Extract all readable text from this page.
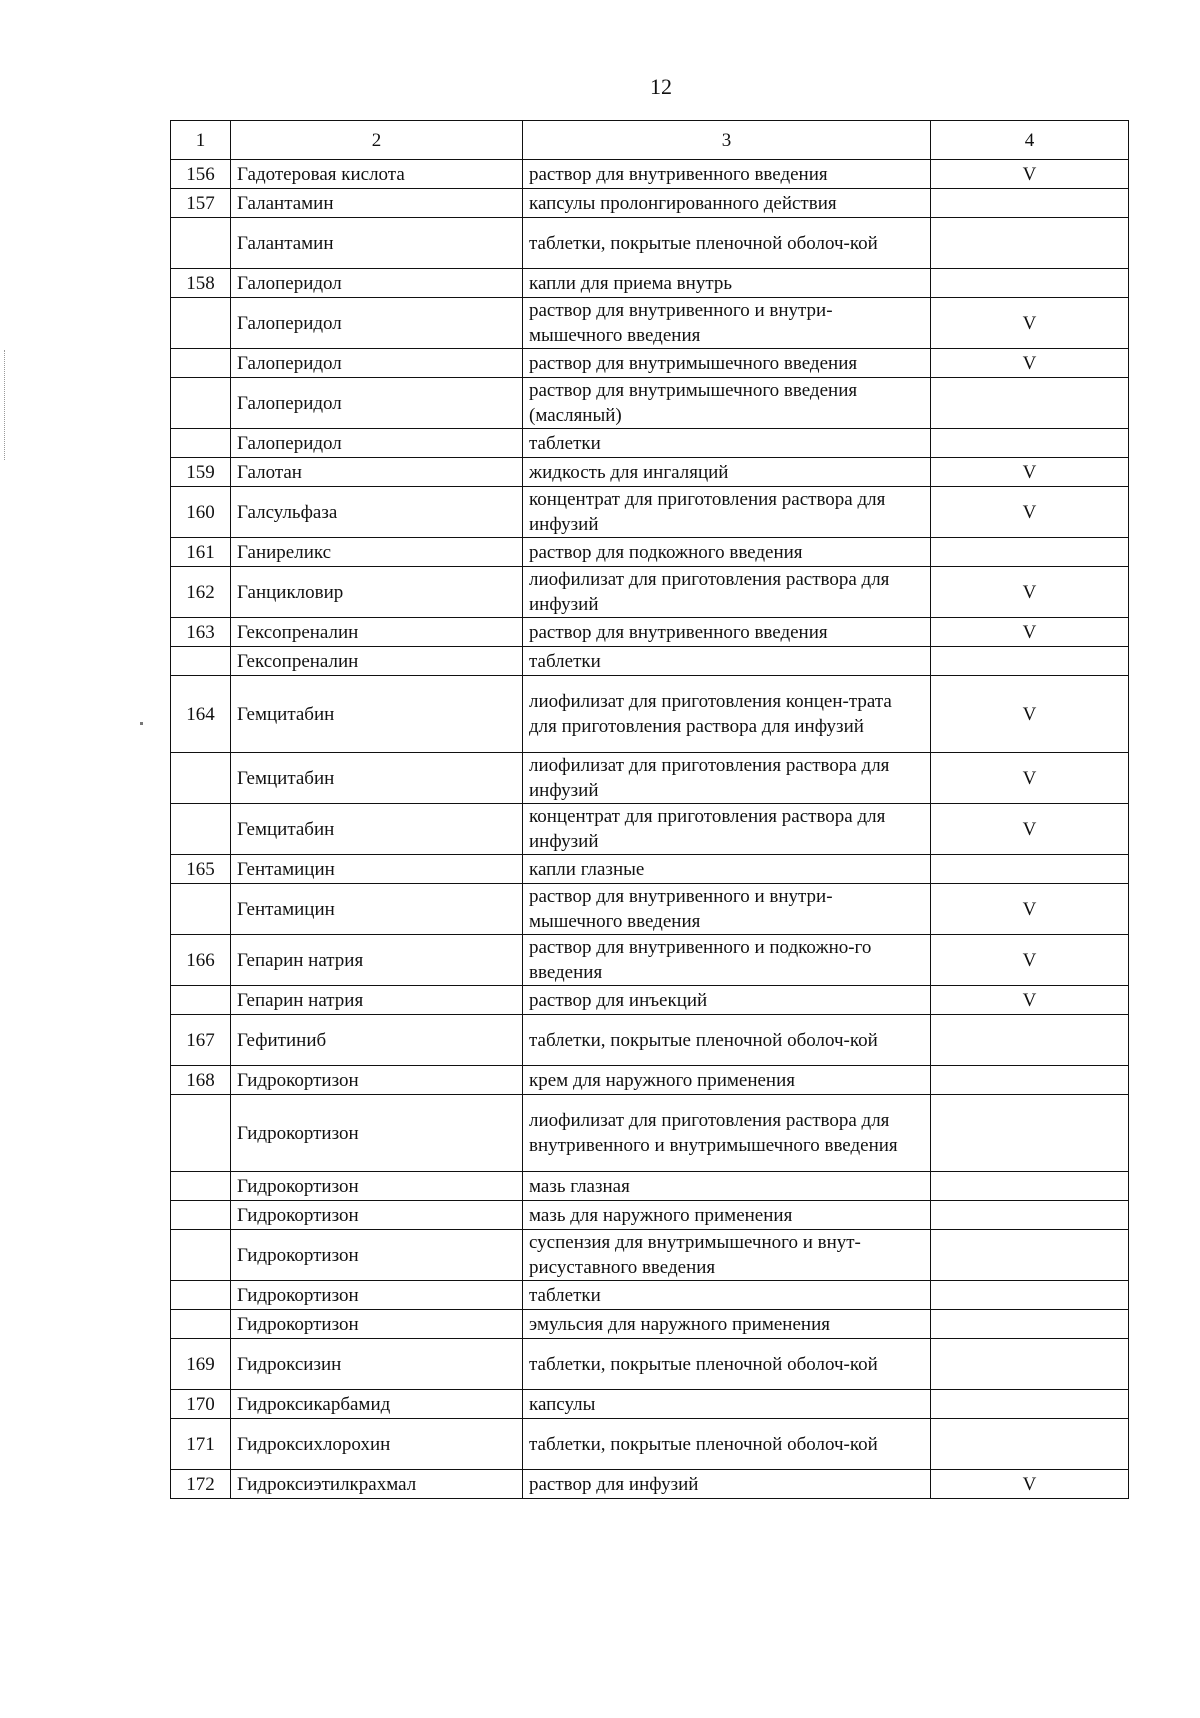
12
1	2	3	4
156	Гадотеровая кислота	раствор для внутривенного введения	V
157	Галантамин	капсулы пролонгированного действия	
	Галантамин	таблетки, покрытые пленочной оболоч-кой	
158	Галоперидол	капли для приема внутрь	
	Галоперидол	раствор для внутривенного и внутри-мышечного введения	V
	Галоперидол	раствор для внутримышечного введения	V
	Галоперидол	раствор для внутримышечного введения (масляный)	
	Галоперидол	таблетки	
159	Галотан	жидкость для ингаляций	V
160	Галсульфаза	концентрат для приготовления раствора для инфузий	V
161	Ганиреликс	раствор для подкожного введения	
162	Ганцикловир	лиофилизат для приготовления раствора для инфузий	V
163	Гексопреналин	раствор для внутривенного введения	V
	Гексопреналин	таблетки	
164	Гемцитабин	лиофилизат для приготовления концен-трата для приготовления раствора для инфузий	V
	Гемцитабин	лиофилизат для приготовления раствора для инфузий	V
	Гемцитабин	концентрат для приготовления раствора для инфузий	V
165	Гентамицин	капли глазные	
	Гентамицин	раствор для внутривенного и внутри-мышечного введения	V
166	Гепарин натрия	раствор для внутривенного и подкожно-го введения	V
	Гепарин натрия	раствор для инъекций	V
167	Гефитиниб	таблетки, покрытые пленочной оболоч-кой	
168	Гидрокортизон	крем для наружного применения	
	Гидрокортизон	лиофилизат для приготовления раствора для внутривенного и внутримышечного введения	
	Гидрокортизон	мазь глазная	
	Гидрокортизон	мазь для наружного применения	
	Гидрокортизон	суспензия для внутримышечного и внут-рисуставного введения	
	Гидрокортизон	таблетки	
	Гидрокортизон	эмульсия для наружного применения	
169	Гидроксизин	таблетки, покрытые пленочной оболоч-кой	
170	Гидроксикарбамид	капсулы	
171	Гидроксихлорохин	таблетки, покрытые пленочной оболоч-кой	
172	Гидроксиэтилкрахмал	раствор для инфузий	V
